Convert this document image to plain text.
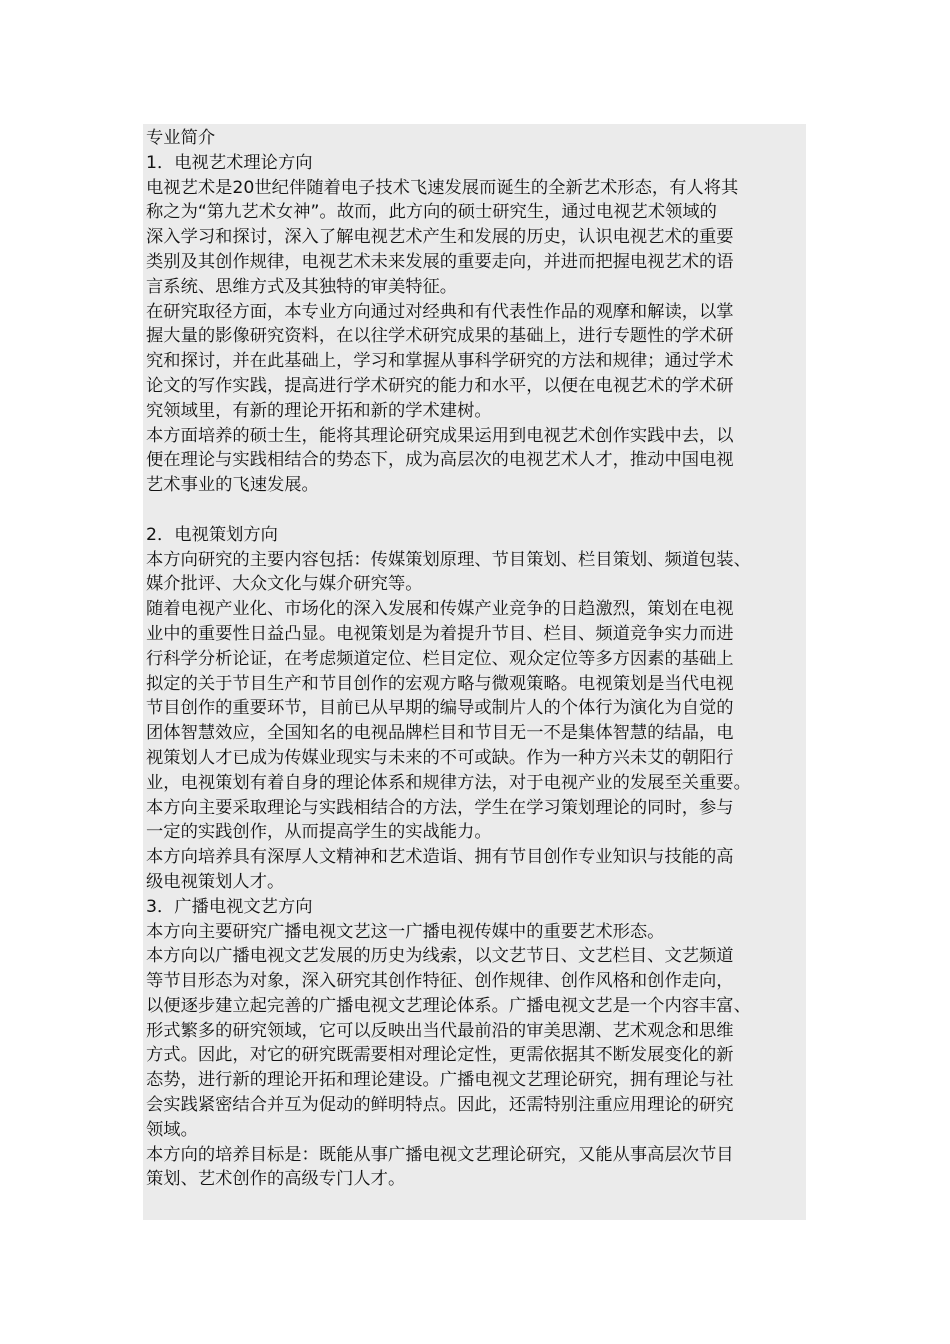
专业简介
1．电视艺术理论方向
电视艺术是20世纪伴随着电子技术飞速发展而诞生的全新艺术形态，有人将其
称之为“第九艺术女神”。故而，此方向的硕士研究生，通过电视艺术领域的
深入学习和探讨，深入了解电视艺术产生和发展的历史，认识电视艺术的重要
类别及其创作规律，电视艺术未来发展的重要走向，并进而把握电视艺术的语
言系统、思维方式及其独特的审美特征。
在研究取径方面，本专业方向通过对经典和有代表性作品的观摩和解读，以掌
握大量的影像研究资料，在以往学术研究成果的基础上，进行专题性的学术研
究和探讨，并在此基础上，学习和掌握从事科学研究的方法和规律；通过学术
论文的写作实践，提高进行学术研究的能力和水平，以便在电视艺术的学术研
究领域里，有新的理论开拓和新的学术建树。
本方面培养的硕士生，能将其理论研究成果运用到电视艺术创作实践中去，以
便在理论与实践相结合的势态下，成为高层次的电视艺术人才，推动中国电视
艺术事业的飞速发展。
2．电视策划方向
本方向研究的主要内容包括：传媒策划原理、节目策划、栏目策划、频道包装、
媒介批评、大众文化与媒介研究等。
随着电视产业化、市场化的深入发展和传媒产业竞争的日趋激烈，策划在电视
业中的重要性日益凸显。电视策划是为着提升节目、栏目、频道竞争实力而进
行科学分析论证，在考虑频道定位、栏目定位、观众定位等多方因素的基础上
拟定的关于节目生产和节目创作的宏观方略与微观策略。电视策划是当代电视
节目创作的重要环节，目前已从早期的编导或制片人的个体行为演化为自觉的
团体智慧效应，全国知名的电视品牌栏目和节目无一不是集体智慧的结晶，电
视策划人才已成为传媒业现实与未来的不可或缺。作为一种方兴未艾的朝阳行
业，电视策划有着自身的理论体系和规律方法，对于电视产业的发展至关重要。
本方向主要采取理论与实践相结合的方法，学生在学习策划理论的同时，参与
一定的实践创作，从而提高学生的实战能力。
本方向培养具有深厚人文精神和艺术造诣、拥有节目创作专业知识与技能的高
级电视策划人才。
3．广播电视文艺方向
本方向主要研究广播电视文艺这一广播电视传媒中的重要艺术形态。
本方向以广播电视文艺发展的历史为线索，以文艺节日、文艺栏目、文艺频道
等节目形态为对象，深入研究其创作特征、创作规律、创作风格和创作走向，
以便逐步建立起完善的广播电视文艺理论体系。广播电视文艺是一个内容丰富、
形式繁多的研究领域，它可以反映出当代最前沿的审美思潮、艺术观念和思维
方式。因此，对它的研究既需要相对理论定性，更需依据其不断发展变化的新
态势，进行新的理论开拓和理论建设。广播电视文艺理论研究，拥有理论与社
会实践紧密结合并互为促动的鲜明特点。因此，还需特别注重应用理论的研究
领域。
本方向的培养目标是：既能从事广播电视文艺理论研究，又能从事高层次节目
策划、艺术创作的高级专门人才。
